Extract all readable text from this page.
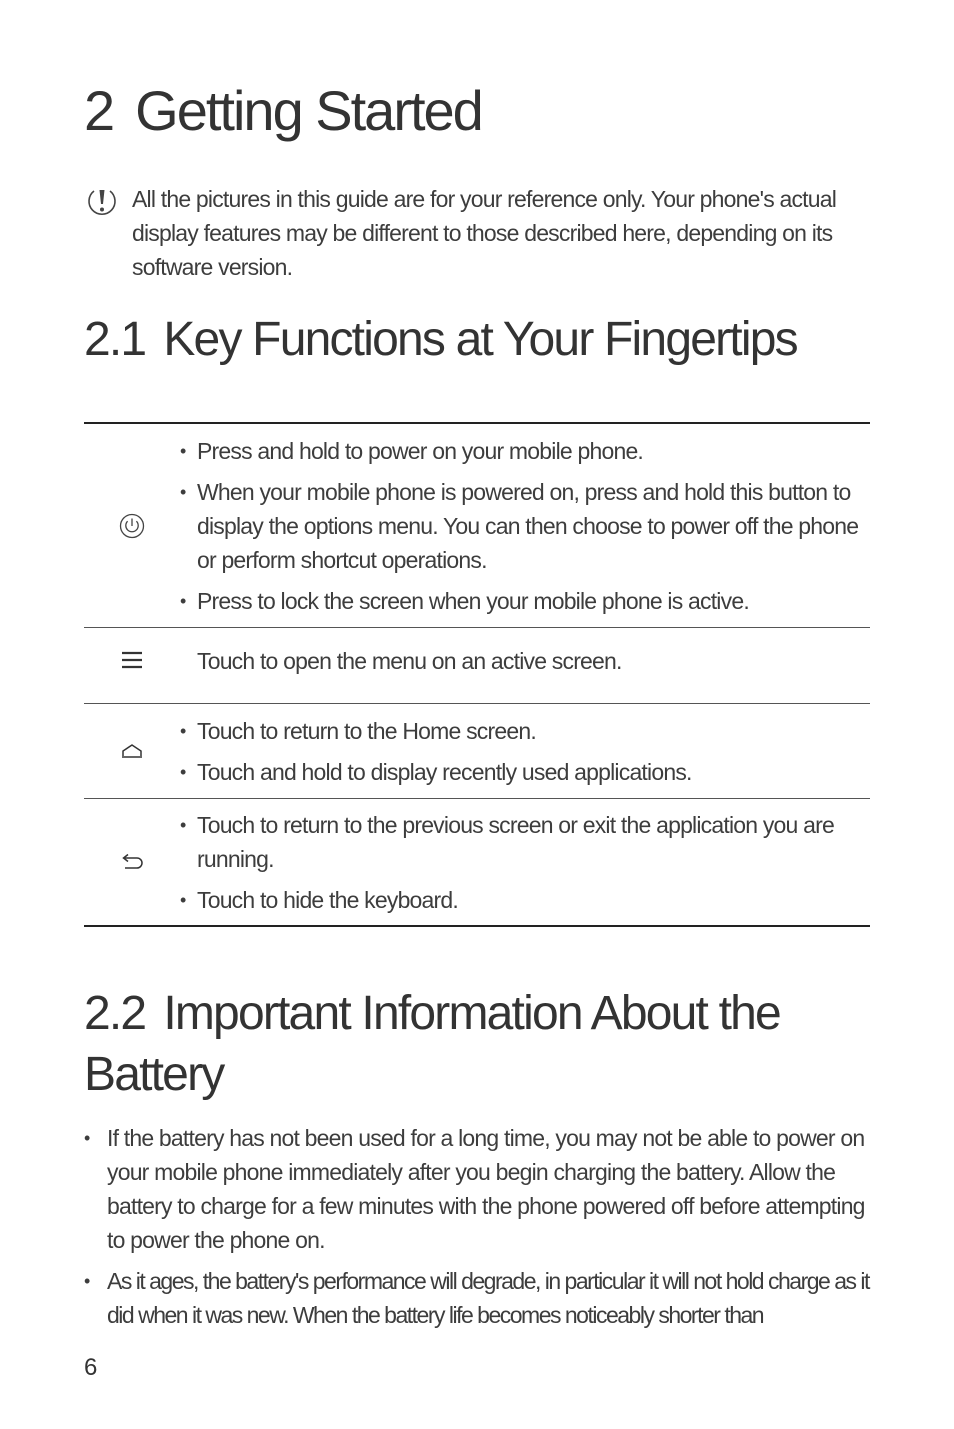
2 Getting Started
All the pictures in this guide are for your reference only. Your phone's actual display features may be different to those described here, depending on its software version.
2.1 Key Functions at Your Fingertips
• Press and hold to power on your mobile phone.
• When your mobile phone is powered on, press and hold this button to display the options menu. You can then choose to power off the phone or perform shortcut operations.
• Press to lock the screen when your mobile phone is active.
Touch to open the menu on an active screen.
• Touch to return to the Home screen.
• Touch and hold to display recently used applications.
• Touch to return to the previous screen or exit the application you are running.
• Touch to hide the keyboard.
2.2 Important Information About the Battery
• If the battery has not been used for a long time, you may not be able to power on your mobile phone immediately after you begin charging the battery. Allow the battery to charge for a few minutes with the phone powered off before attempting to power the phone on.
• As it ages, the battery's performance will degrade, in particular it will not hold charge as it did when it was new. When the battery life becomes noticeably shorter than
6
